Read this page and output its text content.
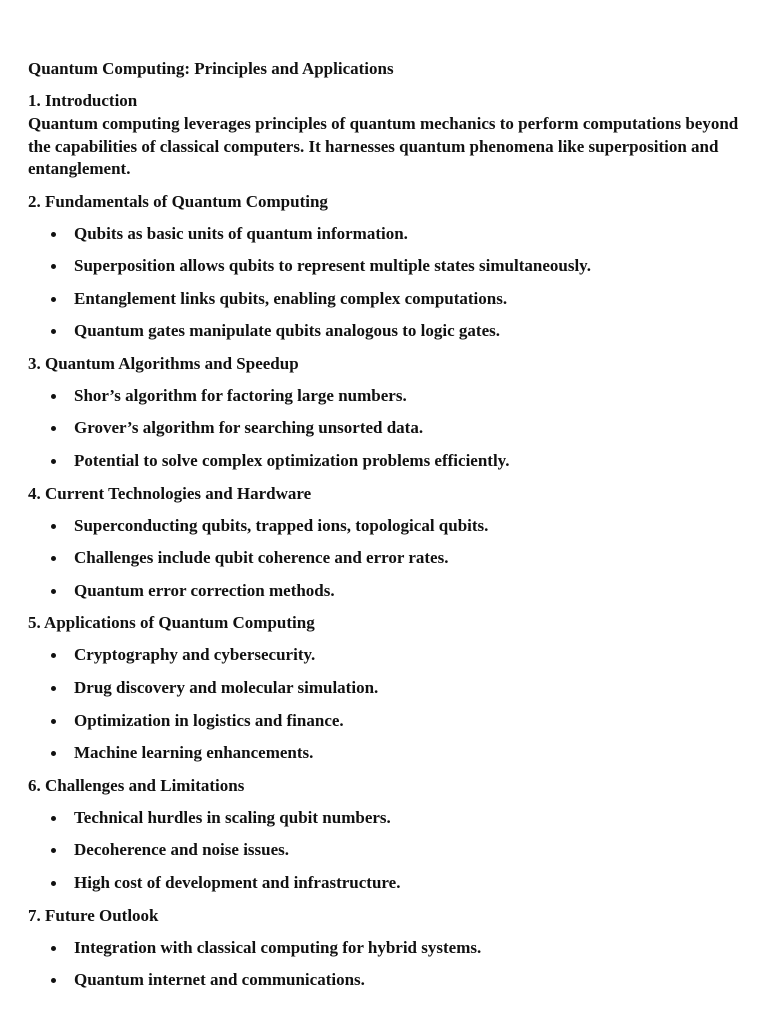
Quantum Computing: Principles and Applications
1. Introduction
Quantum computing leverages principles of quantum mechanics to perform computations beyond the capabilities of classical computers. It harnesses quantum phenomena like superposition and entanglement.
2. Fundamentals of Quantum Computing
Qubits as basic units of quantum information.
Superposition allows qubits to represent multiple states simultaneously.
Entanglement links qubits, enabling complex computations.
Quantum gates manipulate qubits analogous to logic gates.
3. Quantum Algorithms and Speedup
Shor’s algorithm for factoring large numbers.
Grover’s algorithm for searching unsorted data.
Potential to solve complex optimization problems efficiently.
4. Current Technologies and Hardware
Superconducting qubits, trapped ions, topological qubits.
Challenges include qubit coherence and error rates.
Quantum error correction methods.
5. Applications of Quantum Computing
Cryptography and cybersecurity.
Drug discovery and molecular simulation.
Optimization in logistics and finance.
Machine learning enhancements.
6. Challenges and Limitations
Technical hurdles in scaling qubit numbers.
Decoherence and noise issues.
High cost of development and infrastructure.
7. Future Outlook
Integration with classical computing for hybrid systems.
Quantum internet and communications.
